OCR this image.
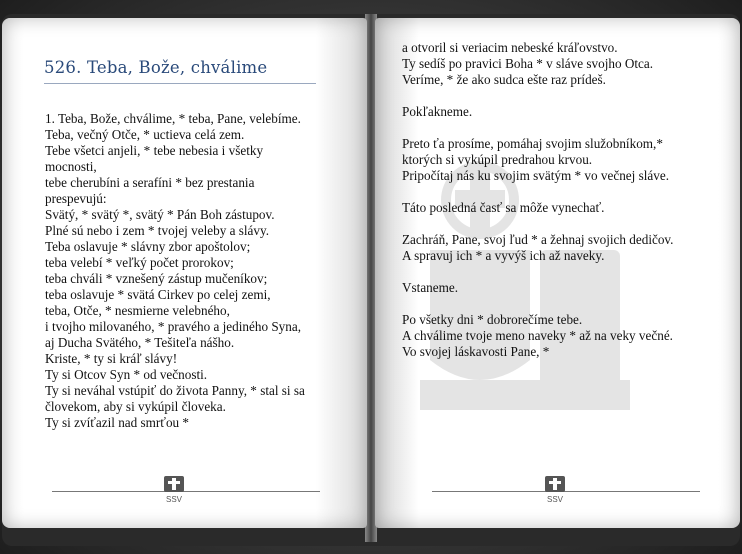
526. Teba, Bože, chválime

1. Teba, Bože, chválime, * teba, Pane, velebíme.

Teba, večný Otče, * uctieva celá zem.

Tebe všetci anjeli, * tebe nebesia i všetky mocnosti,

tebe cherubíni a serafíni * bez prestania prespevujú:

Svätý, * svätý *, svätý * Pán Boh zástupov.

Plné sú nebo i zem * tvojej veleby a slávy.

Teba oslavuje * slávny zbor apoštolov;

teba velebí * veľký počet prorokov;

teba chváli * vznešený zástup mučeníkov;

teba oslavuje * svätá Cirkev po celej zemi,

teba, Otče, * nesmierne velebného,

i tvojho milovaného, * pravého a jediného Syna,

aj Ducha Svätého, * Tešiteľa nášho.

Kriste, * ty si kráľ slávy!

Ty si Otcov Syn * od večnosti.

Ty si neváhal vstúpiť do života Panny, * stal si sa človekom, aby si vykúpil človeka.

Ty si zvíťazil nad smrťou *

a otvoril si veriacim nebeské kráľovstvo.

Ty sedíš po pravici Boha * v sláve svojho Otca.

Veríme, * že ako sudca ešte raz prídeš.

Pokľakneme.

Preto ťa prosíme, pomáhaj svojim služobníkom,* ktorých si vykúpil predrahou krvou.

Pripočítaj nás ku svojim svätým * vo večnej sláve.

Táto posledná časť sa môže vynechať.

Zachráň, Pane, svoj ľud * a žehnaj svojich dedičov.

A spravuj ich * a vyvýš ich až naveky.

Vstaneme.

Po všetky dni * dobrorečíme tebe.

A chválime tvoje meno naveky * až na veky večné.

Vo svojej láskavosti Pane, *

SSV	SSV
